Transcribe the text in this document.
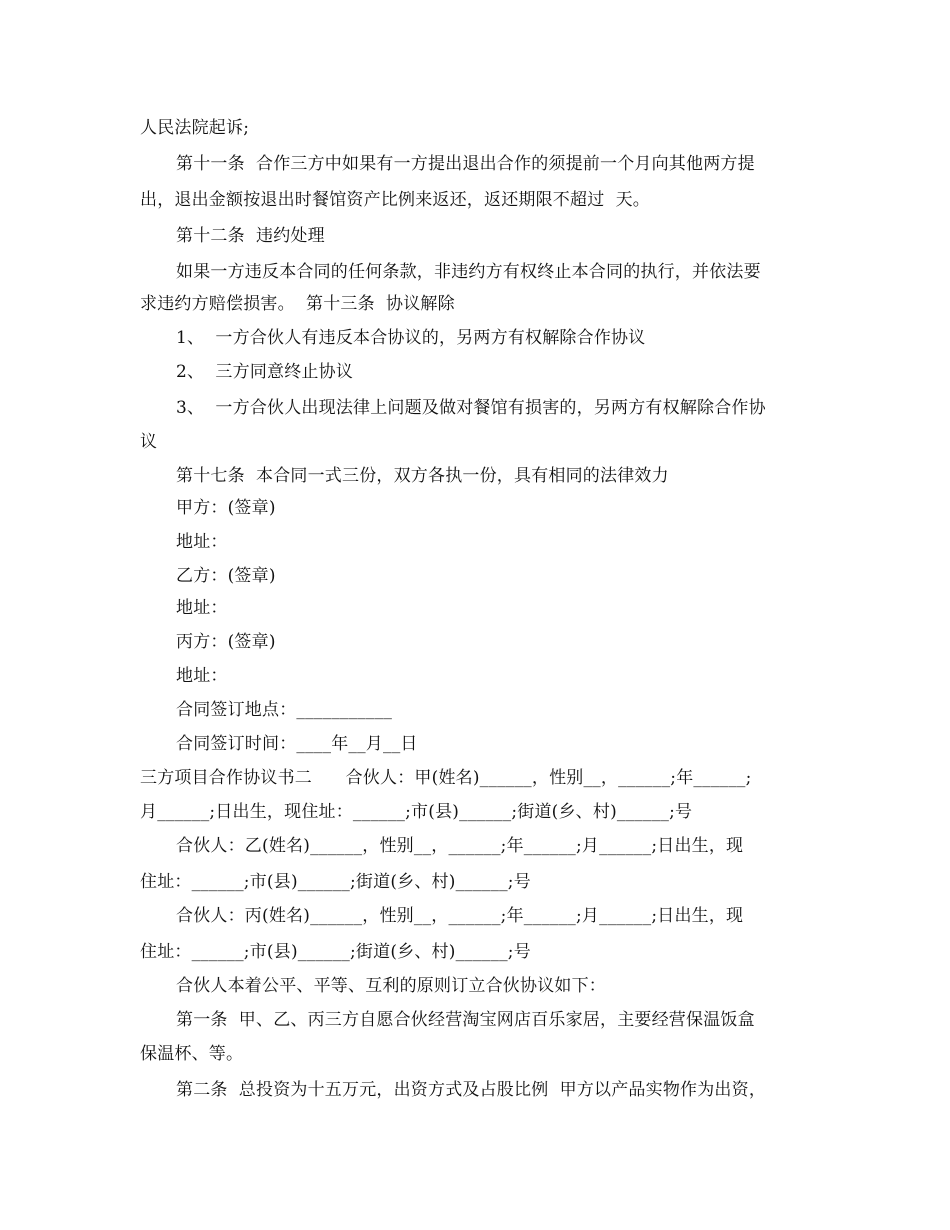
人民法院起诉;
第十一条  合作三方中如果有一方提出退出合作的须提前一个月向其他两方提
出，退出金额按退出时餐馆资产比例来返还，返还期限不超过  天。
第十二条  违约处理
如果一方违反本合同的任何条款，非违约方有权终止本合同的执行，并依法要
求违约方赔偿损害。  第十三条  协议解除
1、  一方合伙人有违反本合协议的，另两方有权解除合作协议
2、  三方同意终止协议
3、  一方合伙人出现法律上问题及做对餐馆有损害的，另两方有权解除合作协
议
第十七条  本合同一式三份，双方各执一份，具有相同的法律效力
甲方：(签章)
地址：
乙方：(签章)
地址：
丙方：(签章)
地址：
合同签订地点：___________
合同签订时间：____年__月__日
三方项目合作协议书二      合伙人：甲(姓名)______，性别__，______;年______;
月______;日出生，现住址：______;市(县)______;街道(乡、村)______;号
合伙人：乙(姓名)______，性别__，______;年______;月______;日出生，现
住址：______;市(县)______;街道(乡、村)______;号
合伙人：丙(姓名)______，性别__，______;年______;月______;日出生，现
住址：______;市(县)______;街道(乡、村)______;号
合伙人本着公平、平等、互利的原则订立合伙协议如下：
第一条  甲、乙、丙三方自愿合伙经营淘宝网店百乐家居，主要经营保温饭盒
保温杯、等。
第二条  总投资为十五万元，出资方式及占股比例  甲方以产品实物作为出资，
